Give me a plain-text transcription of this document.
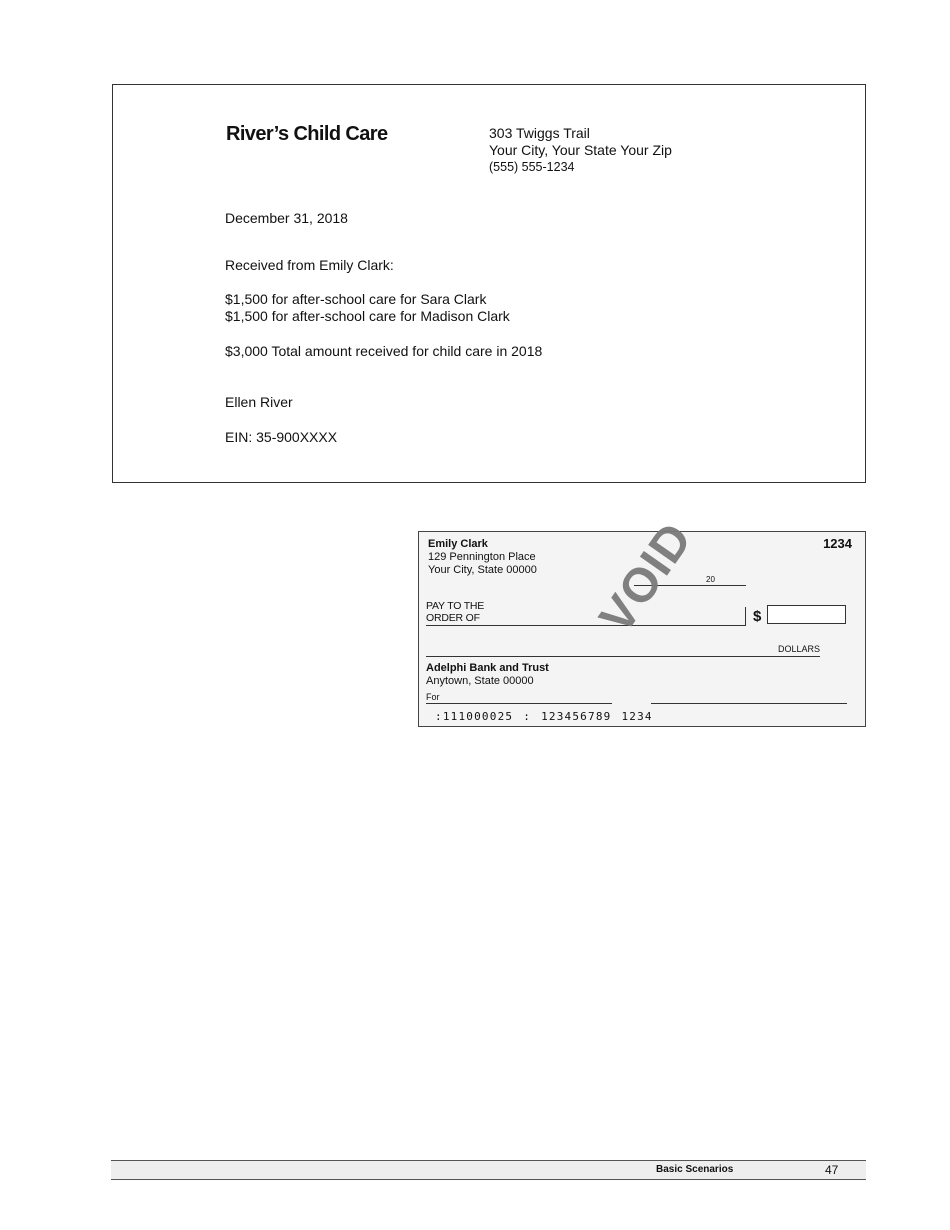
River’s Child Care	303 Twiggs Trail
Your City, Your State Your Zip
(555) 555-1234
December 31, 2018
Received from Emily Clark:
$1,500 for after-school care for Sara Clark
$1,500 for after-school care for Madison Clark
$3,000 Total amount received for child care in 2018
Ellen River
EIN: 35-900XXXX
Emily Clark
129 Pennington Place
Your City, State 00000
1234
20
PAY TO THE
ORDER OF	$
DOLLARS
Adelphi Bank and Trust
Anytown, State 00000
For
:111000025 : 123456789 1234
VOID
Basic Scenarios	47
